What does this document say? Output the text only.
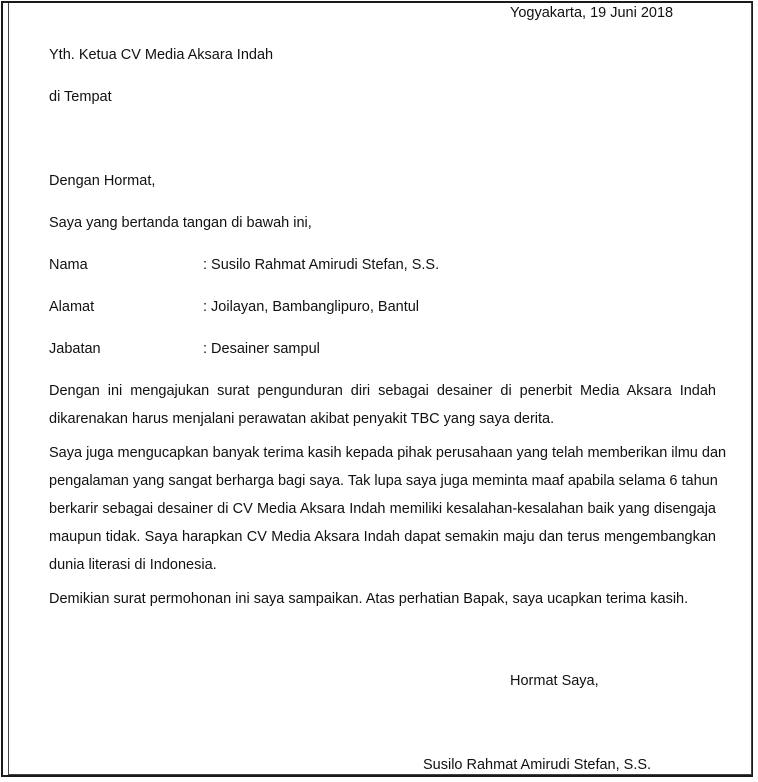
Yogyakarta, 19 Juni 2018
Yth. Ketua CV Media Aksara Indah
di Tempat
Dengan Hormat,
Saya yang bertanda tangan di bawah ini,
Nama	: Susilo Rahmat Amirudi Stefan, S.S.
Alamat	: Joilayan, Bambanglipuro, Bantul
Jabatan	: Desainer sampul
Dengan ini mengajukan surat pengunduran diri sebagai desainer di penerbit Media Aksara Indah
dikarenakan harus menjalani perawatan akibat penyakit TBC yang saya derita.
Saya juga mengucapkan banyak terima kasih kepada pihak perusahaan yang telah memberikan ilmu dan
pengalaman yang sangat berharga bagi saya. Tak lupa saya juga meminta maaf apabila selama 6 tahun
berkarir sebagai desainer di CV Media Aksara Indah memiliki kesalahan-kesalahan baik yang disengaja
maupun tidak. Saya harapkan CV Media Aksara Indah dapat semakin maju dan terus mengembangkan
dunia literasi di Indonesia.
Demikian surat permohonan ini saya sampaikan. Atas perhatian Bapak, saya ucapkan terima kasih.
Hormat Saya,
Susilo Rahmat Amirudi Stefan, S.S.
